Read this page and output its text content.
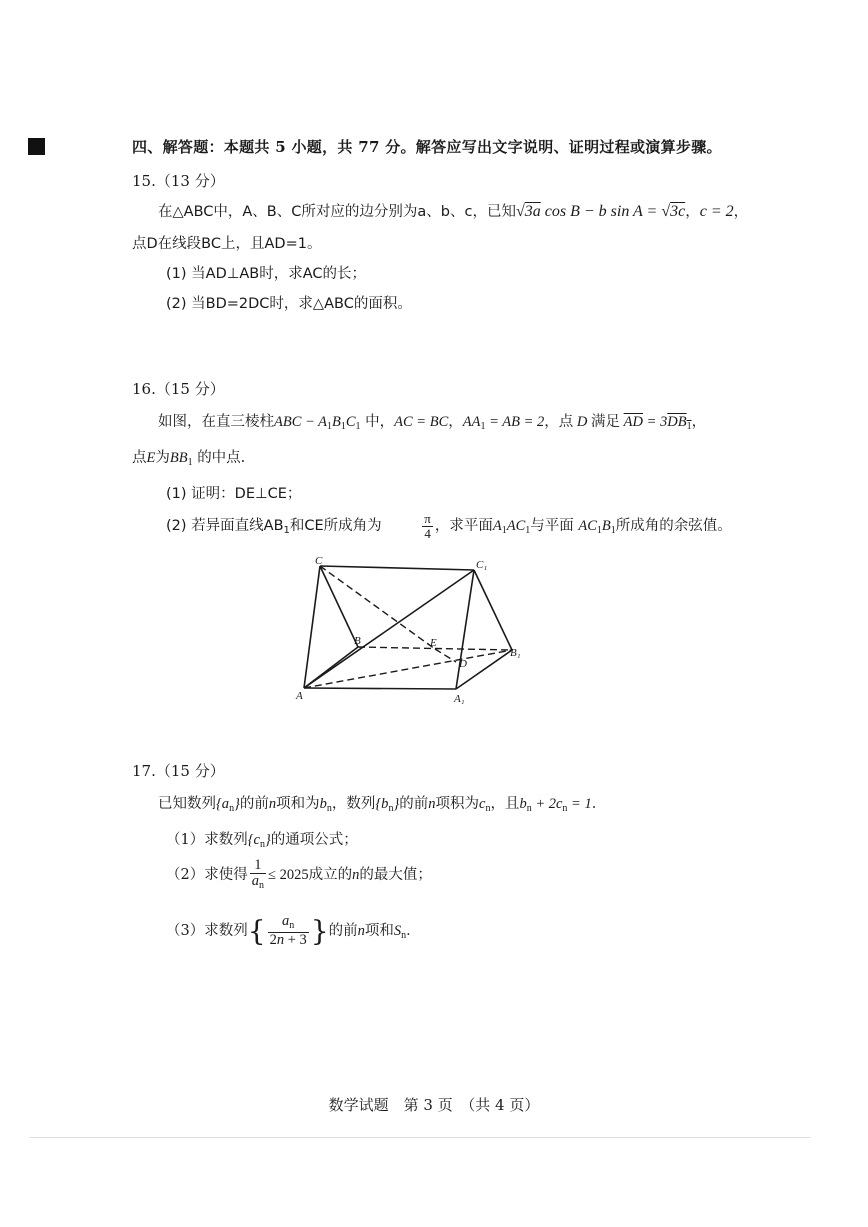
四、解答题：本题共 5 小题，共 77 分。解答应写出文字说明、证明过程或演算步骤。
15.（13 分）
在△ABC中，A、B、C所对应的边分别为a、b、c，已知√3a cos B − b sin A = √3c，c = 2，
点D在线段BC上，且AD=1。
(1) 当AD⊥AB时，求AC的长；
(2) 当BD=2DC时，求△ABC的面积。
16.（15 分）
如图，在直三棱柱ABC − $A_1B_1C_1$ 中，AC = BC，$AA_1$ = AB = 2，点 D 满足 $\overline{AD} = 3DB_1$，
点E为$BB_1$ 的中点.
(1) 证明：DE⊥CE；
(2) 若异面直线$AB_1$和CE所成角为	$\frac{\pi}{4}$ ，求平面$A_1AC_1$与平面 $AC_1B_1$所成角的余弦值。
C	C₁
B	E
D
B₁
A	A₁
17.（15 分）
已知数列$\{a_n\}$的前n项和为$b_n$，数列$\{b_n\}$的前n项积为$c_n$，且$b_n + 2c_n = 1$．
（1）求数列$\{c_n\}$的通项公式；
（2）求使得 $\frac{1}{a_n} \le 2025$成立的n的最大值；
（3）求数列{ $\frac{a_n}{2n + 3}$ }的前n项和$S_n$．
数学试题　第 3 页　（共 4 页）
